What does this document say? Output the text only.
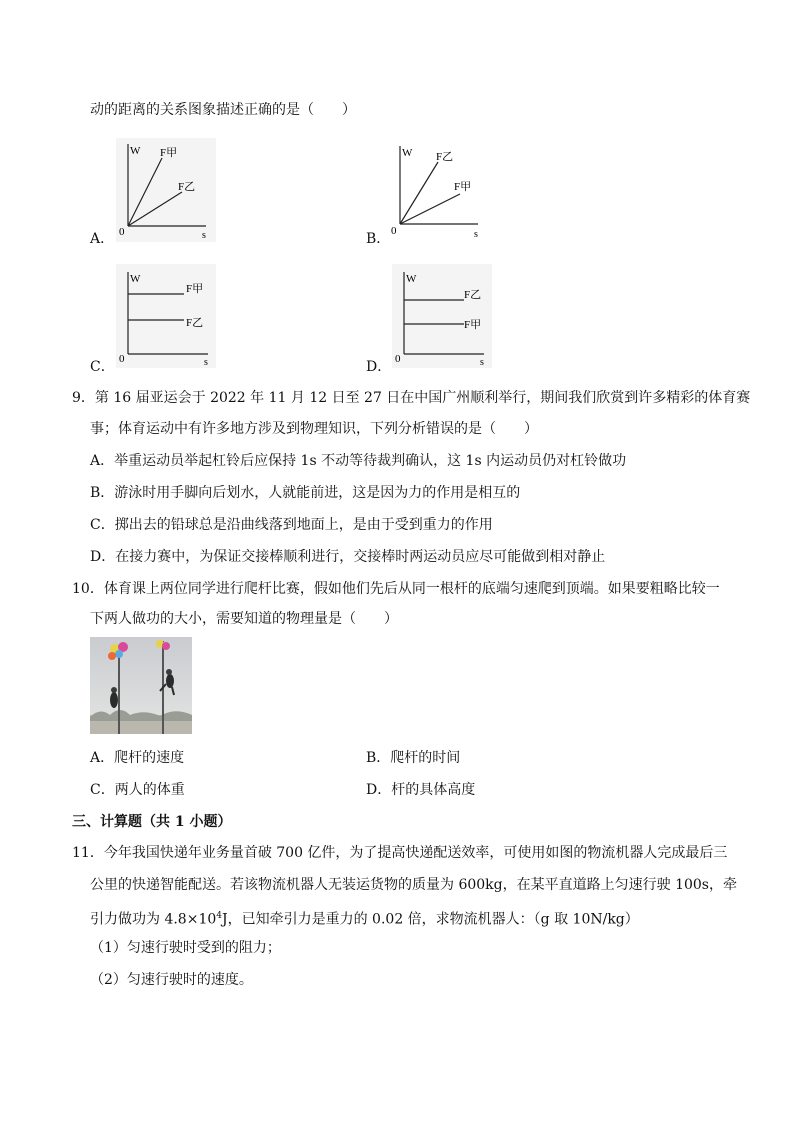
动的距离的关系图象描述正确的是（　　）
A．
W
s
0
F甲
F乙
B．
W
s
0
F乙
F甲
C．
W
s
0
F甲
F乙
D．
W
s
0
F乙
F甲
9．第 16 届亚运会于 2022 年 11 月 12 日至 27 日在中国广州顺利举行，期间我们欣赏到许多精彩的体育赛
事；体育运动中有许多地方涉及到物理知识，下列分析错误的是（　　）
A．举重运动员举起杠铃后应保持 1s 不动等待裁判确认，这 1s 内运动员仍对杠铃做功
B．游泳时用手脚向后划水，人就能前进，这是因为力的作用是相互的
C．掷出去的铅球总是沿曲线落到地面上，是由于受到重力的作用
D．在接力赛中，为保证交接棒顺利进行，交接棒时两运动员应尽可能做到相对静止
10．体育课上两位同学进行爬杆比赛，假如他们先后从同一根杆的底端匀速爬到顶端。如果要粗略比较一
下两人做功的大小，需要知道的物理量是（　　）
A．爬杆的速度	B．爬杆的时间
C．两人的体重	D．杆的具体高度
三、计算题（共 1 小题）
11．今年我国快递年业务量首破 700 亿件，为了提高快递配送效率，可使用如图的物流机器人完成最后三
公里的快递智能配送。若该物流机器人无装运货物的质量为 600kg，在某平直道路上匀速行驶 100s，牵
引力做功为 $4.8\times 10^4J$，已知牵引力是重力的 0.02 倍，求物流机器人：（g 取 10N/kg）
（1）匀速行驶时受到的阻力；
（2）匀速行驶时的速度。
